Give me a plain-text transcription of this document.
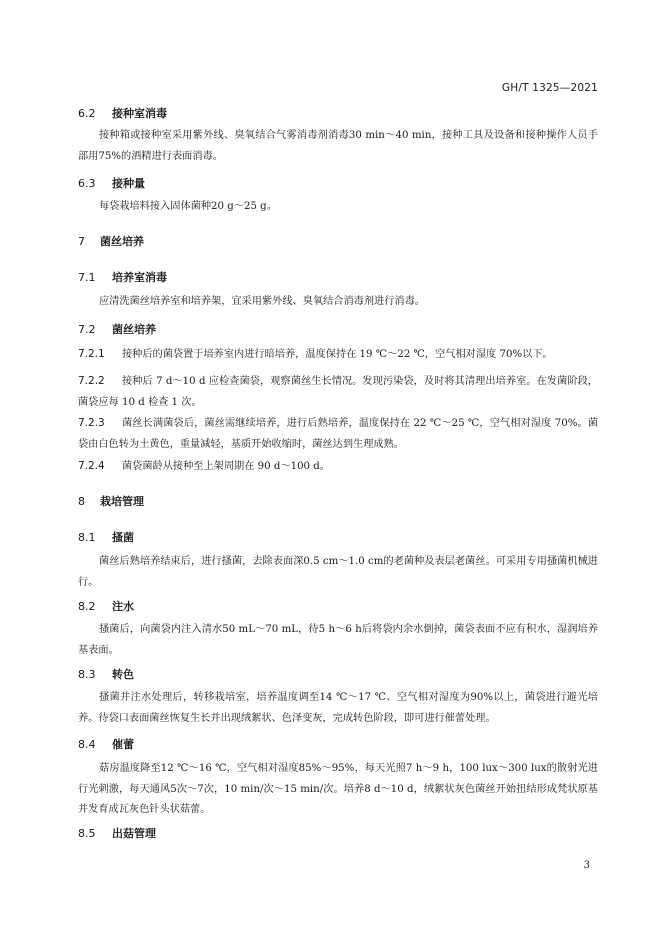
GH/T 1325—2021
6.2 接种室消毒
接种箱或接种室采用紫外线、臭氧结合气雾消毒剂消毒30 min～40 min，接种工具及设备和接种操作人员手部用75%的酒精进行表面消毒。
6.3 接种量
每袋栽培料接入固体菌种20 g～25 g。
7 菌丝培养
7.1 培养室消毒
应清洗菌丝培养室和培养架，宜采用紫外线、臭氧结合消毒剂进行消毒。
7.2 菌丝培养
7.2.1 接种后的菌袋置于培养室内进行暗培养，温度保持在 19 ℃～22 ℃，空气相对湿度 70%以下。
7.2.2 接种后 7 d～10 d 应检查菌袋，观察菌丝生长情况。发现污染袋，及时将其清理出培养室。在发菌阶段，菌袋应每 10 d 检查 1 次。
7.2.3 菌丝长满菌袋后，菌丝需继续培养，进行后熟培养，温度保持在 22 ℃～25 ℃，空气相对湿度 70%。菌袋由白色转为土黄色，重量减轻，基质开始收缩时，菌丝达到生理成熟。
7.2.4 菌袋菌龄从接种至上架周期在 90 d～100 d。
8 栽培管理
8.1 搔菌
菌丝后熟培养结束后，进行搔菌，去除表面深0.5 cm～1.0 cm的老菌种及表层老菌丝。可采用专用搔菌机械进行。
8.2 注水
搔菌后，向菌袋内注入清水50 mL～70 mL，待5 h～6 h后将袋内余水倒掉，菌袋表面不应有积水，湿润培养基表面。
8.3 转色
搔菌并注水处理后，转移栽培室，培养温度调至14 ℃～17 ℃、空气相对湿度为90%以上，菌袋进行避光培养。待袋口表面菌丝恢复生长并出现绒絮状、色泽变灰，完成转色阶段，即可进行催蕾处理。
8.4 催蕾
菇房温度降至12 ℃～16 ℃，空气相对湿度85%～95%，每天光照7 h～9 h，100 lux～300 lux的散射光进行光刺激，每天通风5次～7次，10 min/次～15 min/次。培养8 d～10 d，绒絮状灰色菌丝开始扭结形成梵状原基并发育成瓦灰色针头状菇蕾。
8.5 出菇管理
3
